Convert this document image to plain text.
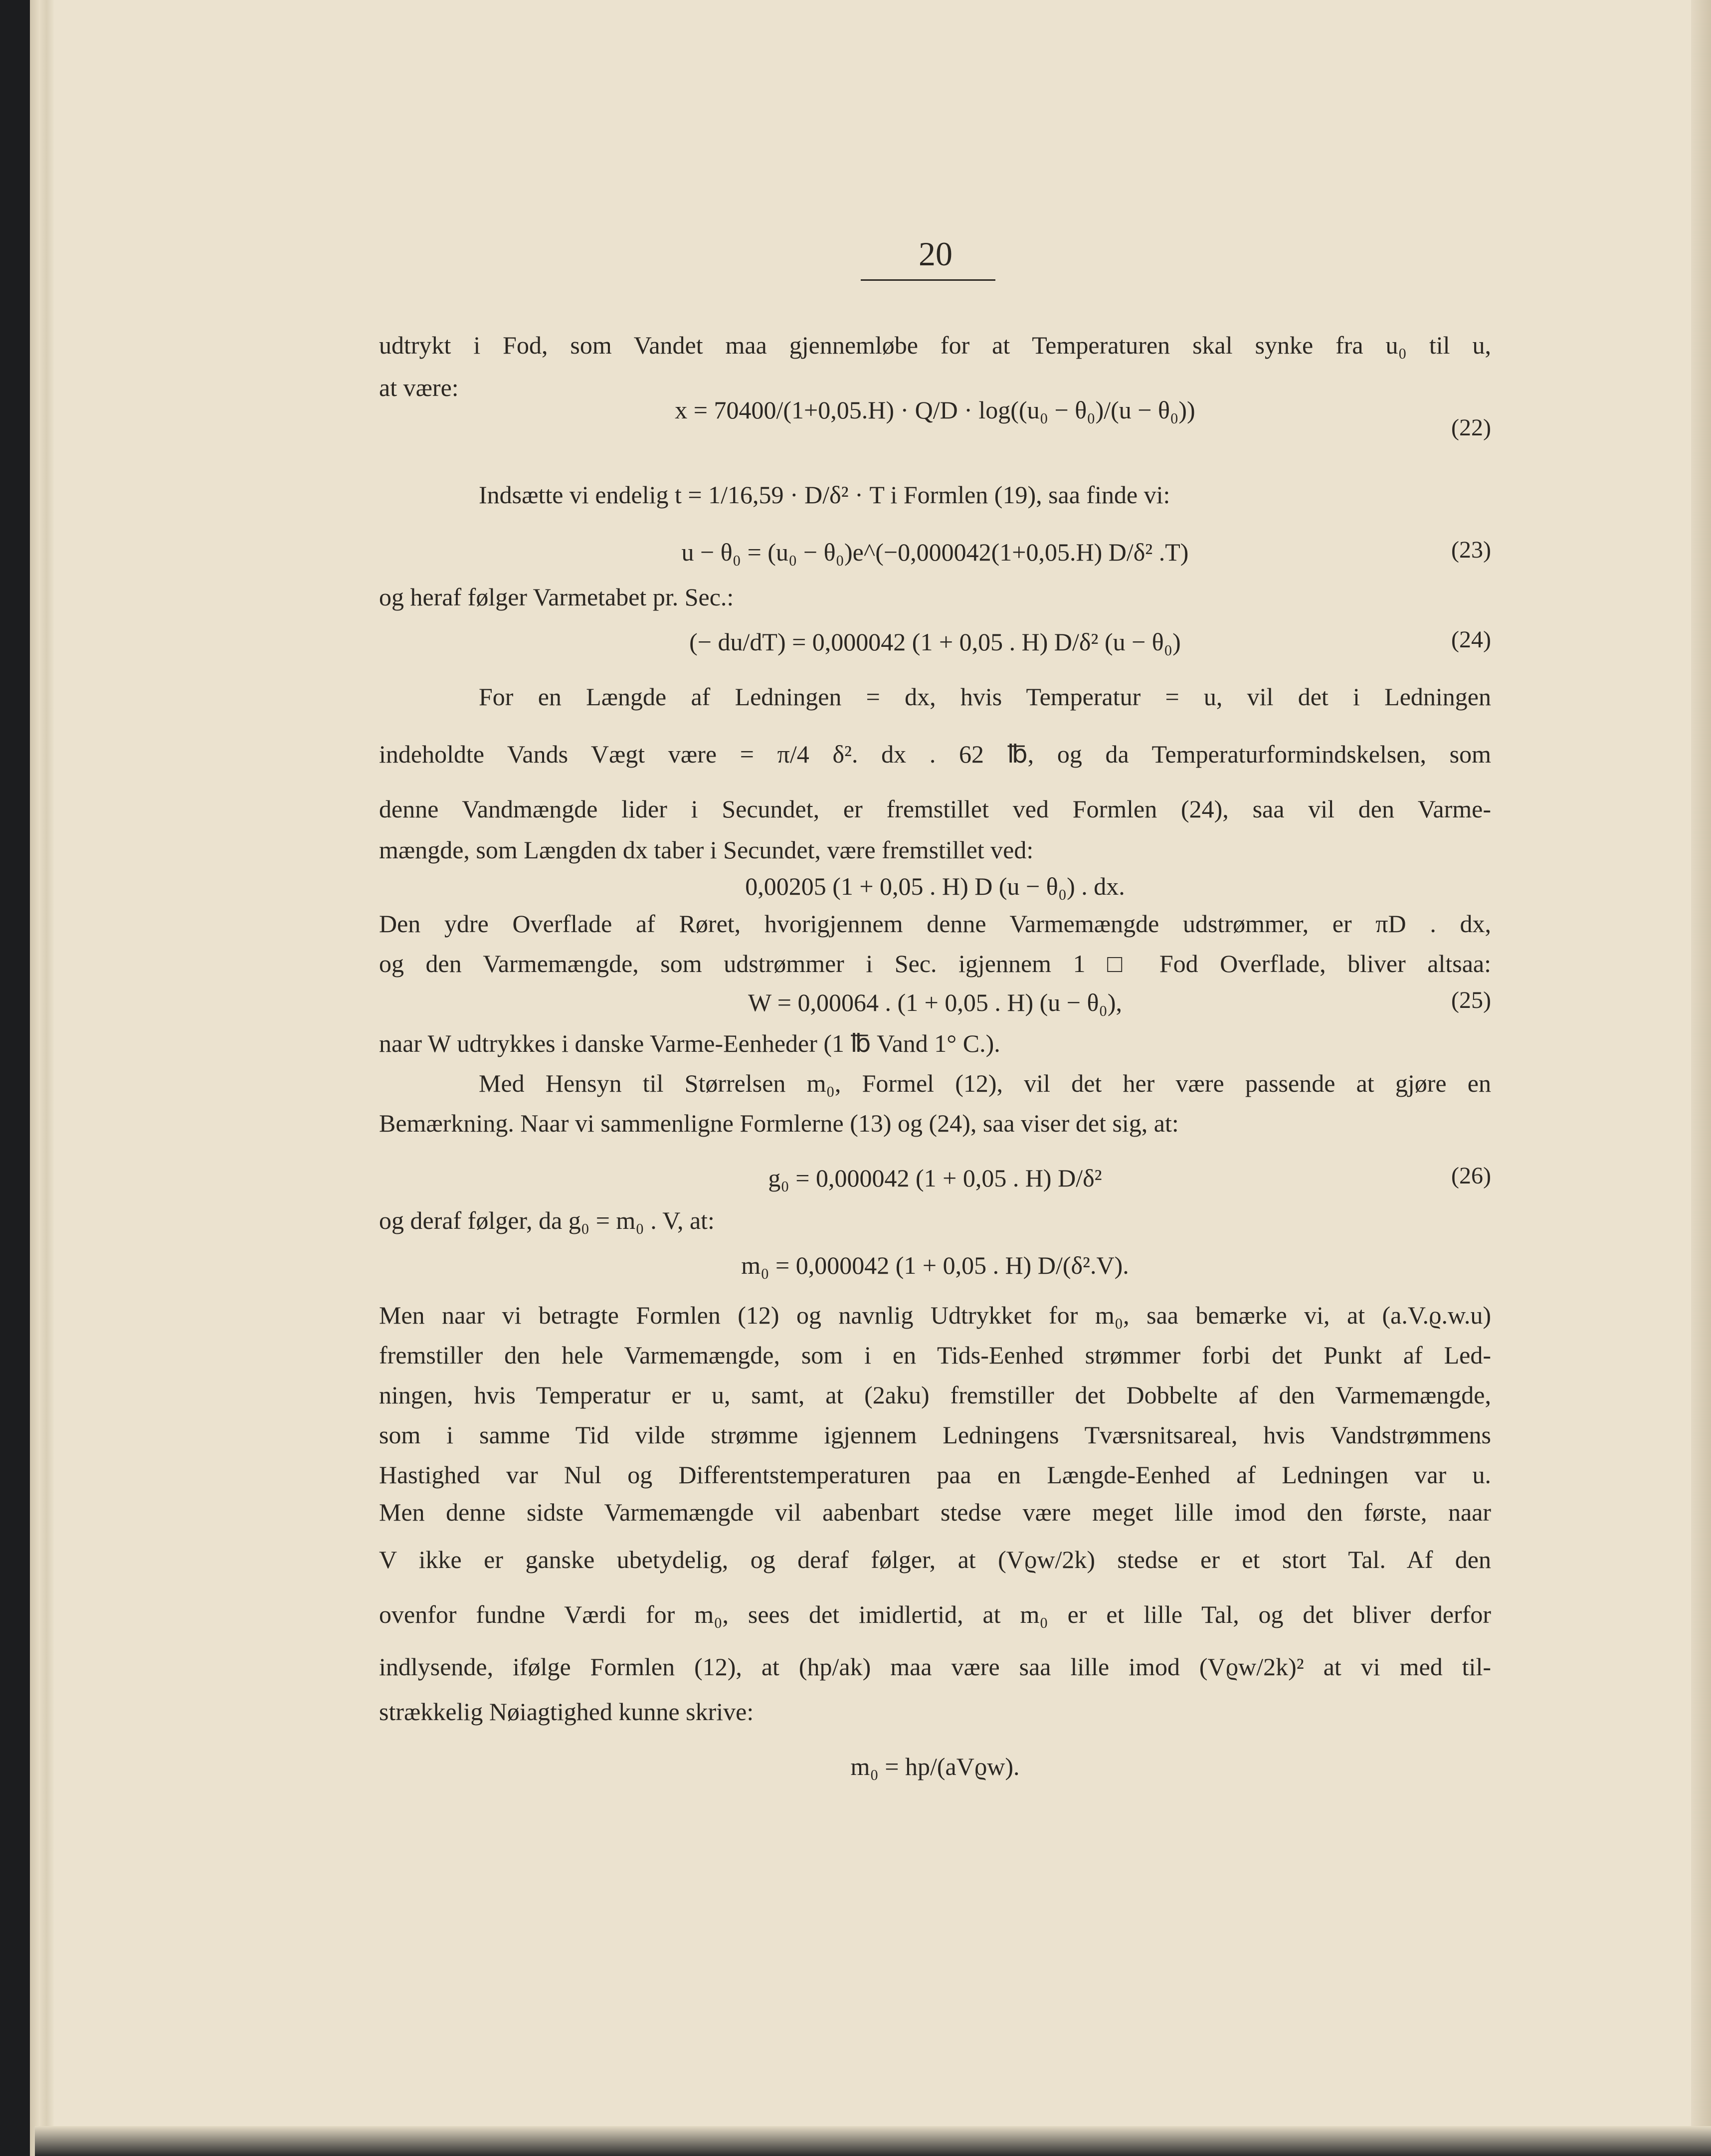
20
udtrykt i Fod, som Vandet maa gjennemløbe for at Temperaturen skal synke fra u₀ til u,
at være:
x = 70400/(1+0,05.H) · Q/D · log((u₀ − θ₀)/(u − θ₀))
(22)
Indsætte vi endelig t = 1/16,59 · D/δ² · T i Formlen (19), saa finde vi:
u − θ₀ = (u₀ − θ₀)e^(−0,000042(1+0,05.H) D/δ² .T)	(23)
og heraf følger Varmetabet pr. Sec.:
(− du/dT) = 0,000042 (1 + 0,05 . H) D/δ² (u − θ₀)	(24)
For en Længde af Ledningen = dx, hvis Temperatur = u, vil det i Ledningen
indeholdte Vands Vægt være = π/4 δ². dx . 62 ℔, og da Temperaturformindskelsen, som
denne Vandmængde lider i Secundet, er fremstillet ved Formlen (24), saa vil den Varme-
mængde, som Længden dx taber i Secundet, være fremstillet ved:
0,00205 (1 + 0,05 . H) D (u − θ₀) . dx.
Den ydre Overflade af Røret, hvorigjennem denne Varmemængde udstrømmer, er πD . dx,
og den Varmemængde, som udstrømmer i Sec. igjennem 1 □ Fod Overflade, bliver altsaa:
W = 0,00064 . (1 + 0,05 . H) (u − θ₀),	(25)
naar W udtrykkes i danske Varme-Eenheder (1 ℔ Vand 1° C.).
Med Hensyn til Størrelsen m₀, Formel (12), vil det her være passende at gjøre en
Bemærkning. Naar vi sammenligne Formlerne (13) og (24), saa viser det sig, at:
g₀ = 0,000042 (1 + 0,05 . H) D/δ²	(26)
og deraf følger, da g₀ = m₀ . V, at:
m₀ = 0,000042 (1 + 0,05 . H) D/(δ².V).
Men naar vi betragte Formlen (12) og navnlig Udtrykket for m₀, saa bemærke vi, at (a.V.ϱ.w.u)
fremstiller den hele Varmemængde, som i en Tids-Eenhed strømmer forbi det Punkt af Led-
ningen, hvis Temperatur er u, samt, at (2aku) fremstiller det Dobbelte af den Varmemængde,
som i samme Tid vilde strømme igjennem Ledningens Tværsnitsareal, hvis Vandstrømmens
Hastighed var Nul og Differentstemperaturen paa en Længde-Eenhed af Ledningen var u.
Men denne sidste Varmemængde vil aabenbart stedse være meget lille imod den første, naar
V ikke er ganske ubetydelig, og deraf følger, at (Vϱw/2k) stedse er et stort Tal. Af den
ovenfor fundne Værdi for m₀, sees det imidlertid, at m₀ er et lille Tal, og det bliver derfor
indlysende, ifølge Formlen (12), at (hp/ak) maa være saa lille imod (Vϱw/2k)² at vi med til-
strækkelig Nøiagtighed kunne skrive:
m₀ = hp/(aVϱw).
